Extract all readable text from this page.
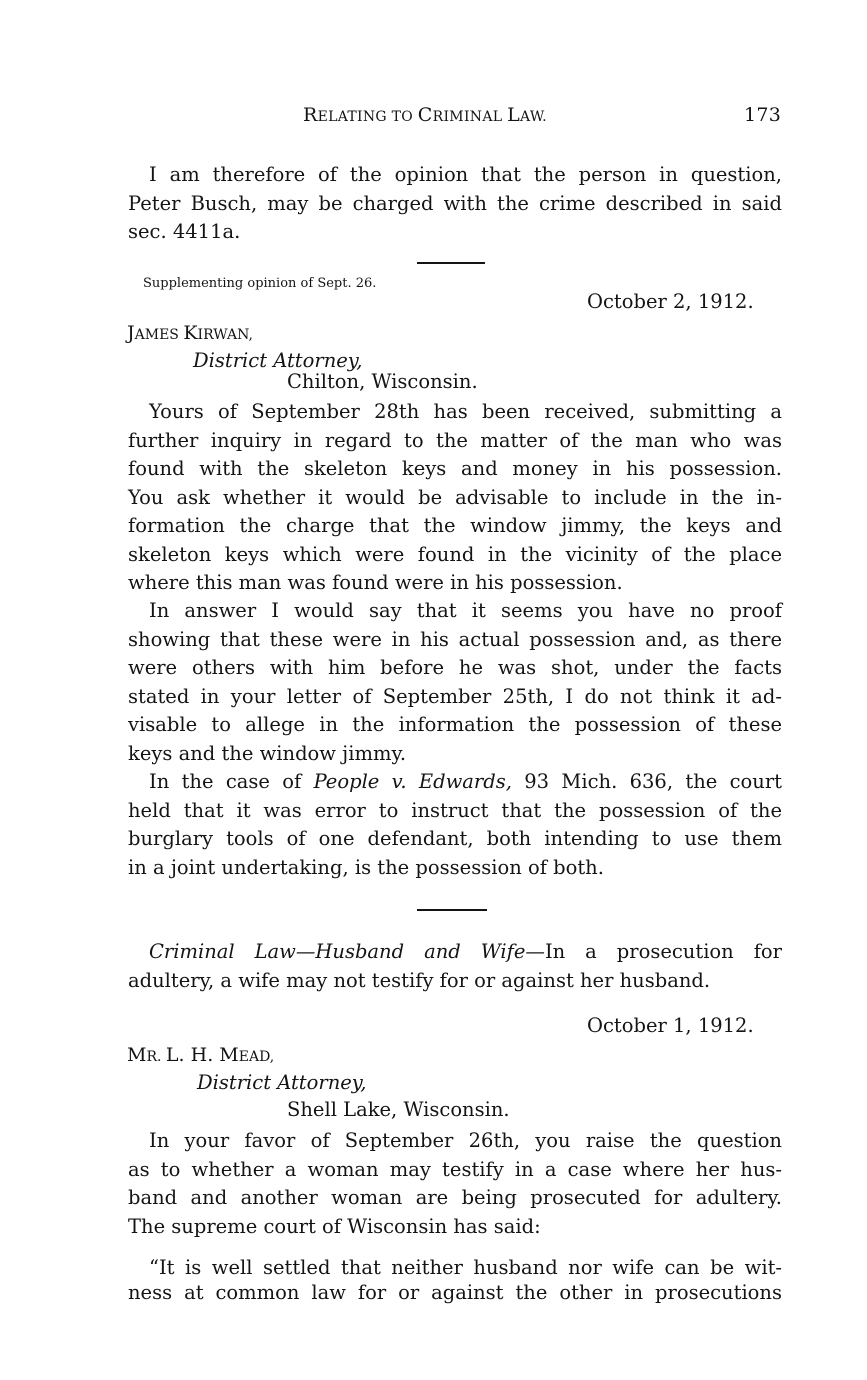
RELATING TO CRIMINAL LAW.	173
I am therefore of the opinion that the person in question,
Peter Busch, may be charged with the crime described in said
sec. 4411a.
Supplementing opinion of Sept. 26.
October 2, 1912.
JAMES KIRWAN,
District Attorney,
Chilton, Wisconsin.
Yours of September 28th has been received, submitting a
further inquiry in regard to the matter of the man who was
found with the skeleton keys and money in his possession.
You ask whether it would be advisable to include in the in-
formation the charge that the window jimmy, the keys and
skeleton keys which were found in the vicinity of the place
where this man was found were in his possession.
In answer I would say that it seems you have no proof
showing that these were in his actual possession and, as there
were others with him before he was shot, under the facts
stated in your letter of September 25th, I do not think it ad-
visable to allege in the information the possession of these
keys and the window jimmy.
In the case of People v. Edwards, 93 Mich. 636, the court
held that it was error to instruct that the possession of the
burglary tools of one defendant, both intending to use them
in a joint undertaking, is the possession of both.
Criminal Law—Husband and Wife—In a prosecution for
adultery, a wife may not testify for or against her husband.
October 1, 1912.
MR. L. H. MEAD,
District Attorney,
Shell Lake, Wisconsin.
In your favor of September 26th, you raise the question
as to whether a woman may testify in a case where her hus-
band and another woman are being prosecuted for adultery.
The supreme court of Wisconsin has said:
“It is well settled that neither husband nor wife can be wit-
ness at common law for or against the other in prosecutions
